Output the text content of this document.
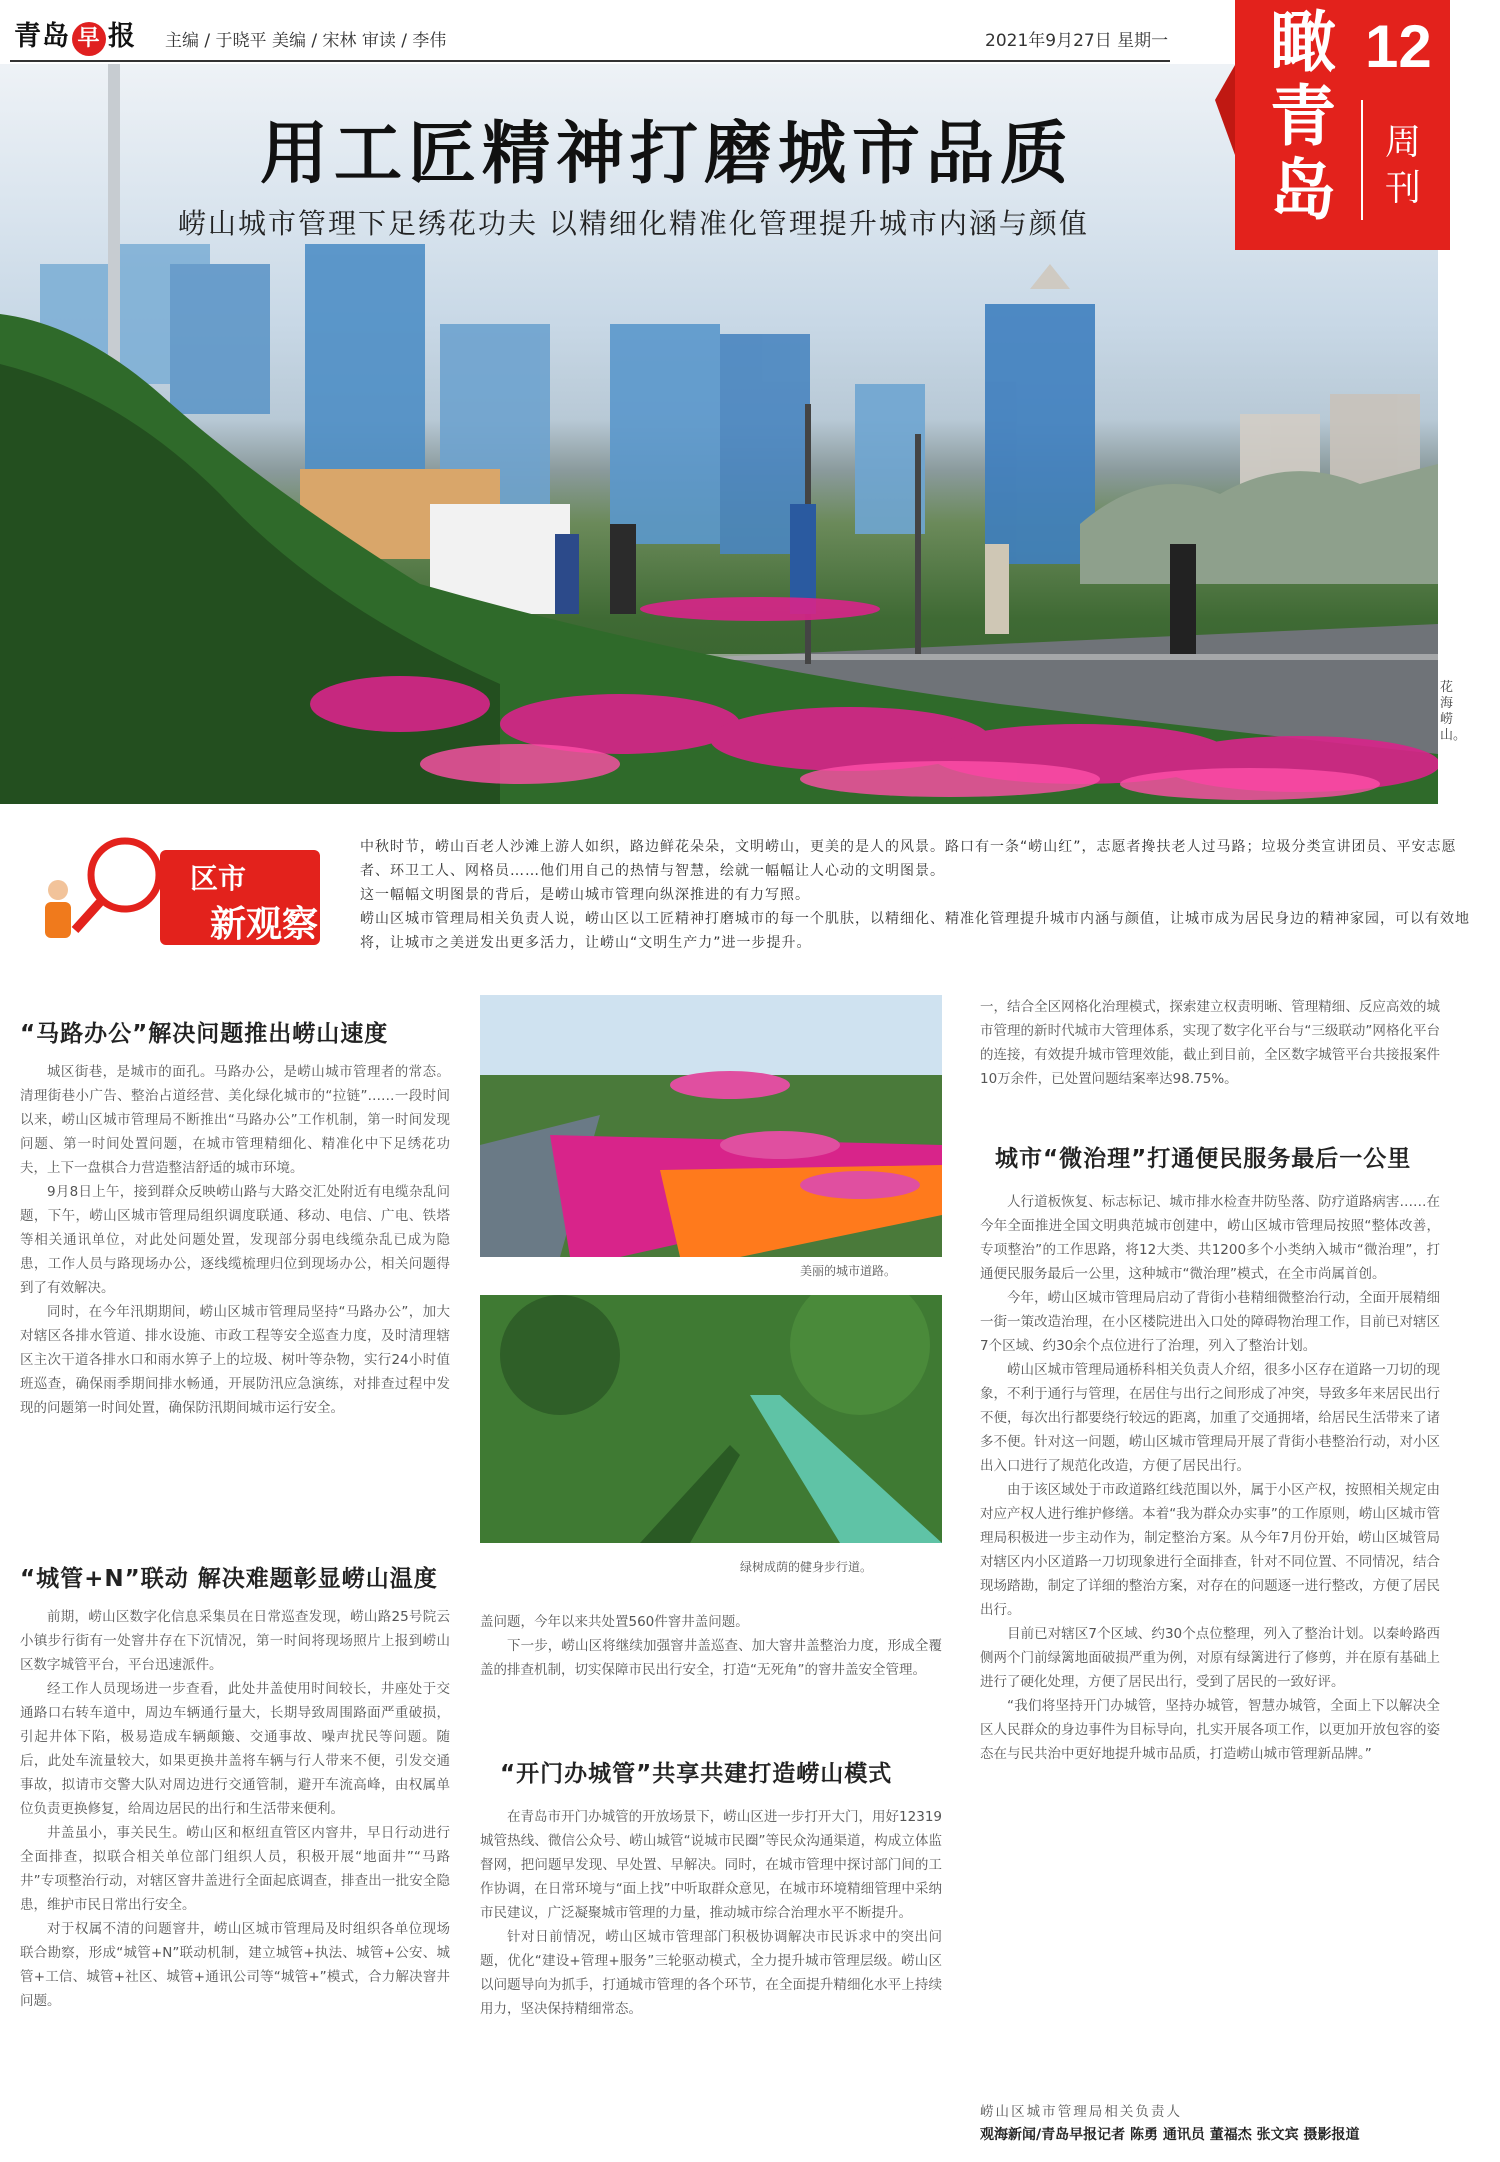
青岛 早 报 主编 / 于晓平 美编 / 宋林 审读 / 李伟	2021年9月27日 星期一
用工匠精神打磨城市品质
崂山城市管理下足绣花功夫 以精细化精准化管理提升城市内涵与颜值
花海崂山。
瞰青岛
12
周刊
区市
新观察
中秋时节，崂山百老人沙滩上游人如织，路边鲜花朵朵，文明崂山，更美的是人的风景。路口有一条“崂山红”，志愿者搀扶老人过马路；垃圾分类宣讲团员、平安志愿者、环卫工人、网格员……他们用自己的热情与智慧，绘就一幅幅让人心动的文明图景。
这一幅幅文明图景的背后，是崂山城市管理向纵深推进的有力写照。
崂山区城市管理局相关负责人说，崂山区以工匠精神打磨城市的每一个肌肤，以精细化、精准化管理提升城市内涵与颜值，让城市成为居民身边的精神家园，可以有效地将，让城市之美迸发出更多活力，让崂山“文明生产力”进一步提升。
“马路办公”解决问题推出崂山速度

城区街巷，是城市的面孔。马路办公，是崂山城市管理者的常态。清理街巷小广告、整治占道经营、美化绿化城市的“拉链”……一段时间以来，崂山区城市管理局不断推出“马路办公”工作机制，第一时间发现问题、第一时间处置问题，在城市管理精细化、精准化中下足绣花功夫，上下一盘棋合力营造整洁舒适的城市环境。

9月8日上午，接到群众反映崂山路与大路交汇处附近有电缆杂乱问题，下午，崂山区城市管理局组织调度联通、移动、电信、广电、铁塔等相关通讯单位，对此处问题处置，发现部分弱电线缆杂乱已成为隐患，工作人员与路现场办公，逐线缆梳理归位到现场办公，相关问题得到了有效解决。

同时，在今年汛期期间，崂山区城市管理局坚持“马路办公”，加大对辖区各排水管道、排水设施、市政工程等安全巡查力度，及时清理辖区主次干道各排水口和雨水箅子上的垃圾、树叶等杂物，实行24小时值班巡查，确保雨季期间排水畅通，开展防汛应急演练，对排查过程中发现的问题第一时间处置，确保防汛期间城市运行安全。

“城管+N”联动 解决难题彰显崂山温度

前期，崂山区数字化信息采集员在日常巡查发现，崂山路25号院云小镇步行街有一处窨井存在下沉情况，第一时间将现场照片上报到崂山区数字城管平台，平台迅速派件。

经工作人员现场进一步查看，此处井盖使用时间较长，井座处于交通路口右转车道中，周边车辆通行量大，长期导致周围路面严重破损，引起井体下陷，极易造成车辆颠簸、交通事故、噪声扰民等问题。随后，此处车流量较大，如果更换井盖将车辆与行人带来不便，引发交通事故，拟请市交警大队对周边进行交通管制，避开车流高峰，由权属单位负责更换修复，给周边居民的出行和生活带来便利。

井盖虽小，事关民生。崂山区和枢纽直管区内窨井，早日行动进行全面排查，拟联合相关单位部门组织人员，积极开展“地面井”“马路井”专项整治行动，对辖区窨井盖进行全面起底调查，排查出一批安全隐患，维护市民日常出行安全。

对于权属不清的问题窨井，崂山区城市管理局及时组织各单位现场联合勘察，形成“城管+N”联动机制，建立城管+执法、城管+公安、城管+工信、城管+社区、城管+通讯公司等“城管+”模式，合力解决窨井问题。

美丽的城市道路。
绿树成荫的健身步行道。

盖问题，今年以来共处置560件窨井盖问题。

下一步，崂山区将继续加强窨井盖巡查、加大窨井盖整治力度，形成全覆盖的排查机制，切实保障市民出行安全，打造“无死角”的窨井盖安全管理。

“开门办城管”共享共建打造崂山模式

在青岛市开门办城管的开放场景下，崂山区进一步打开大门，用好12319城管热线、微信公众号、崂山城管“说城市民圈”等民众沟通渠道，构成立体监督网，把问题早发现、早处置、早解决。同时，在城市管理中探讨部门间的工作协调，在日常环境与“面上找”中听取群众意见，在城市环境精细管理中采纳市民建议，广泛凝聚城市管理的力量，推动城市综合治理水平不断提升。

针对日前情况，崂山区城市管理部门积极协调解决市民诉求中的突出问题，优化“建设+管理+服务”三轮驱动模式，全力提升城市管理层级。崂山区以问题导向为抓手，打通城市管理的各个环节，在全面提升精细化水平上持续用力，坚决保持精细常态。

一，结合全区网格化治理模式，探索建立权责明晰、管理精细、反应高效的城市管理的新时代城市大管理体系，实现了数字化平台与“三级联动”网格化平台的连接，有效提升城市管理效能，截止到目前，全区数字城管平台共接报案件10万余件，已处置问题结案率达98.75%。

城市“微治理”打通便民服务最后一公里

人行道板恢复、标志标记、城市排水检查井防坠落、防疗道路病害……在今年全面推进全国文明典范城市创建中，崂山区城市管理局按照“整体改善，专项整治”的工作思路，将12大类、共1200多个小类纳入城市“微治理”，打通便民服务最后一公里，这种城市“微治理”模式，在全市尚属首创。

今年，崂山区城市管理局启动了背街小巷精细微整治行动，全面开展精细一街一策改造治理，在小区楼院进出入口处的障碍物治理工作，目前已对辖区7个区域、约30余个点位进行了治理，列入了整治计划。

崂山区城市管理局通桥科相关负责人介绍，很多小区存在道路一刀切的现象，不利于通行与管理，在居住与出行之间形成了冲突，导致多年来居民出行不便，每次出行都要绕行较远的距离，加重了交通拥堵，给居民生活带来了诸多不便。针对这一问题，崂山区城市管理局开展了背街小巷整治行动，对小区出入口进行了规范化改造，方便了居民出行。

由于该区域处于市政道路红线范围以外，属于小区产权，按照相关规定由对应产权人进行维护修缮。本着“我为群众办实事”的工作原则，崂山区城市管理局积极进一步主动作为，制定整治方案。从今年7月份开始，崂山区城管局对辖区内小区道路一刀切现象进行全面排查，针对不同位置、不同情况，结合现场踏勘，制定了详细的整治方案，对存在的问题逐一进行整改，方便了居民出行。

目前已对辖区7个区域、约30个点位整理，列入了整治计划。以秦岭路西侧两个门前绿篱地面破损严重为例，对原有绿篱进行了修剪，并在原有基础上进行了硬化处理，方便了居民出行，受到了居民的一致好评。

“我们将坚持开门办城管，坚持办城管，智慧办城管，全面上下以解决全区人民群众的身边事件为目标导向，扎实开展各项工作，以更加开放包容的姿态在与民共治中更好地提升城市品质，打造崂山城市管理新品牌。”

崂山区城市管理局相关负责人
观海新闻/青岛早报记者 陈勇 通讯员 董福杰 张文宾 摄影报道
